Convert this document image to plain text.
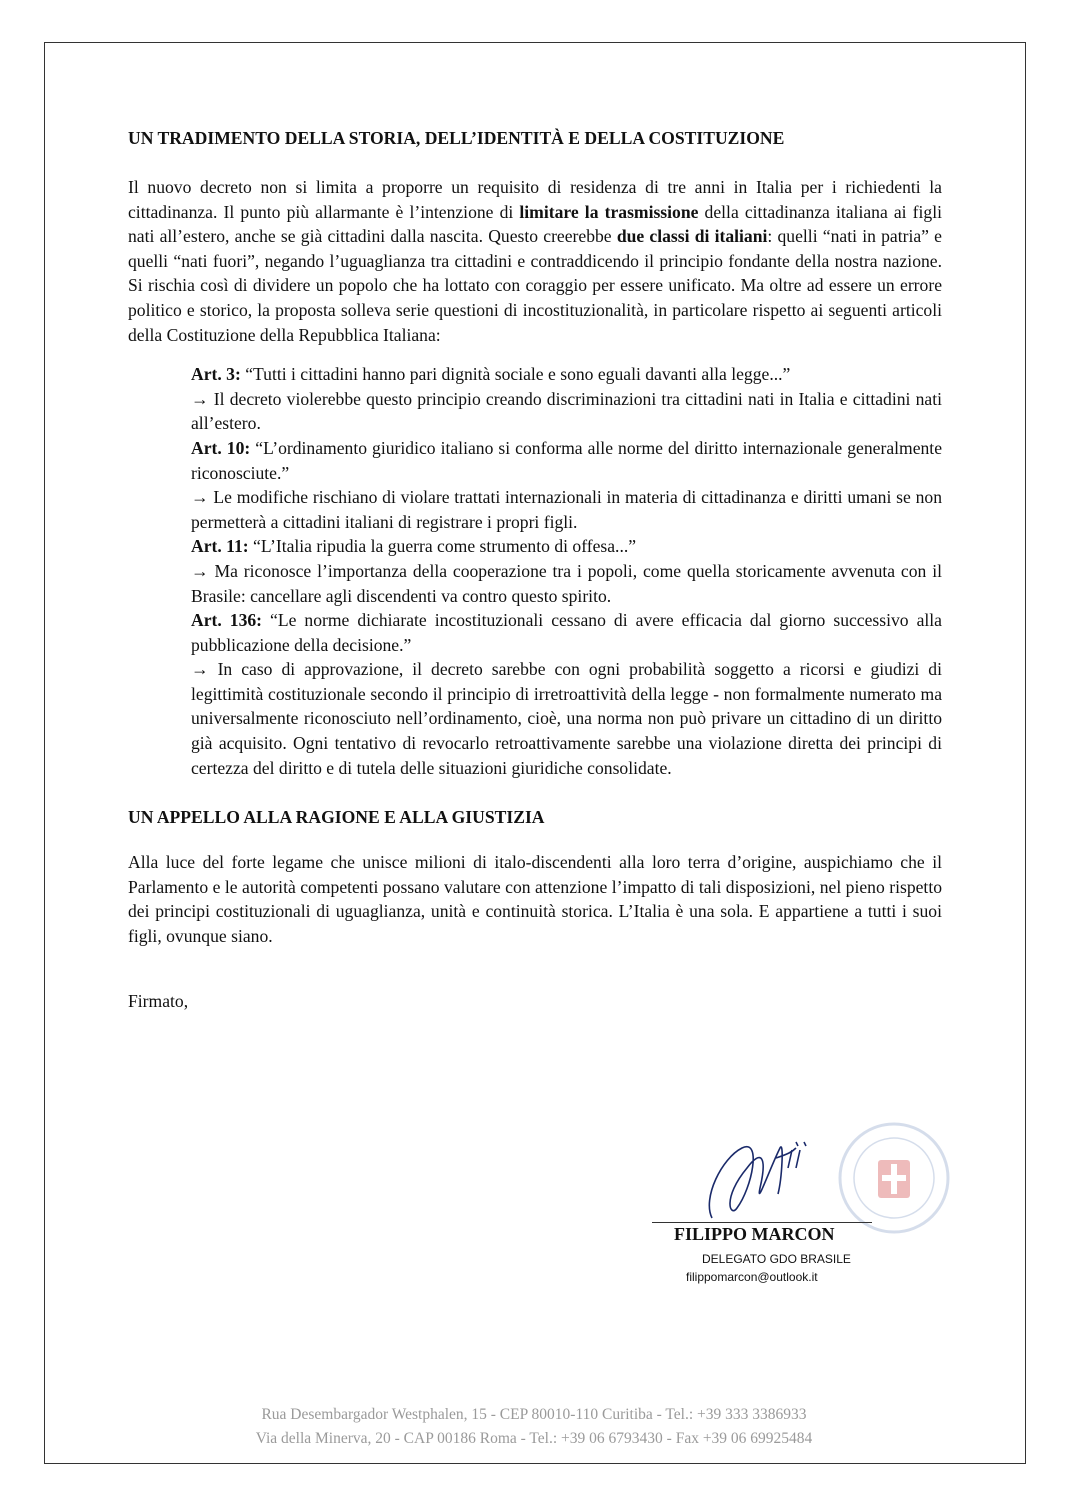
UN TRADIMENTO DELLA STORIA, DELL’IDENTITÀ E DELLA COSTITUZIONE

Il nuovo decreto non si limita a proporre un requisito di residenza di tre anni in Italia per i richiedenti la cittadinanza. Il punto più allarmante è l’intenzione di limitare la trasmissione della cittadinanza italiana ai figli nati all’estero, anche se già cittadini dalla nascita. Questo creerebbe due classi di italiani: quelli “nati in patria” e quelli “nati fuori”, negando l’uguaglianza tra cittadini e contraddicendo il principio fondante della nostra nazione. Si rischia così di dividere un popolo che ha lottato con coraggio per essere unificato. Ma oltre ad essere un errore politico e storico, la proposta solleva serie questioni di incostituzionalità, in particolare rispetto ai seguenti articoli della Costituzione della Repubblica Italiana:

Art. 3: “Tutti i cittadini hanno pari dignità sociale e sono eguali davanti alla legge...”
→ Il decreto violerebbe questo principio creando discriminazioni tra cittadini nati in Italia e cittadini nati all’estero.
Art. 10: “L’ordinamento giuridico italiano si conforma alle norme del diritto internazionale generalmente riconosciute.”
→ Le modifiche rischiano di violare trattati internazionali in materia di cittadinanza e diritti umani se non permetterà a cittadini italiani di registrare i propri figli.
Art. 11: “L’Italia ripudia la guerra come strumento di offesa...”
→ Ma riconosce l’importanza della cooperazione tra i popoli, come quella storicamente avvenuta con il Brasile: cancellare agli discendenti va contro questo spirito.
Art. 136: “Le norme dichiarate incostituzionali cessano di avere efficacia dal giorno successivo alla pubblicazione della decisione.”
→ In caso di approvazione, il decreto sarebbe con ogni probabilità soggetto a ricorsi e giudizi di legittimità costituzionale secondo il principio di irretroattività della legge - non formalmente numerato ma universalmente riconosciuto nell’ordinamento, cioè, una norma non può privare un cittadino di un diritto già acquisito. Ogni tentativo di revocarlo retroattivamente sarebbe una violazione diretta dei principi di certezza del diritto e di tutela delle situazioni giuridiche consolidate.
UN APPELLO ALLA RAGIONE E ALLA GIUSTIZIA

Alla luce del forte legame che unisce milioni di italo-discendenti alla loro terra d’origine, auspichiamo che il Parlamento e le autorità competenti possano valutare con attenzione l’impatto di tali disposizioni, nel pieno rispetto dei principi costituzionali di uguaglianza, unità e continuità storica. L’Italia è una sola. E appartiene a tutti i suoi figli, ovunque siano.

Firmato,

FILIPPO MARCON
DELEGATO GDO BRASILE
filippomarcon@outlook.it
Rua Desembargador Westphalen, 15 - CEP 80010-110 Curitiba - Tel.: +39 333 3386933
Via della Minerva, 20 - CAP 00186 Roma - Tel.: +39 06 6793430 - Fax +39 06 69925484
